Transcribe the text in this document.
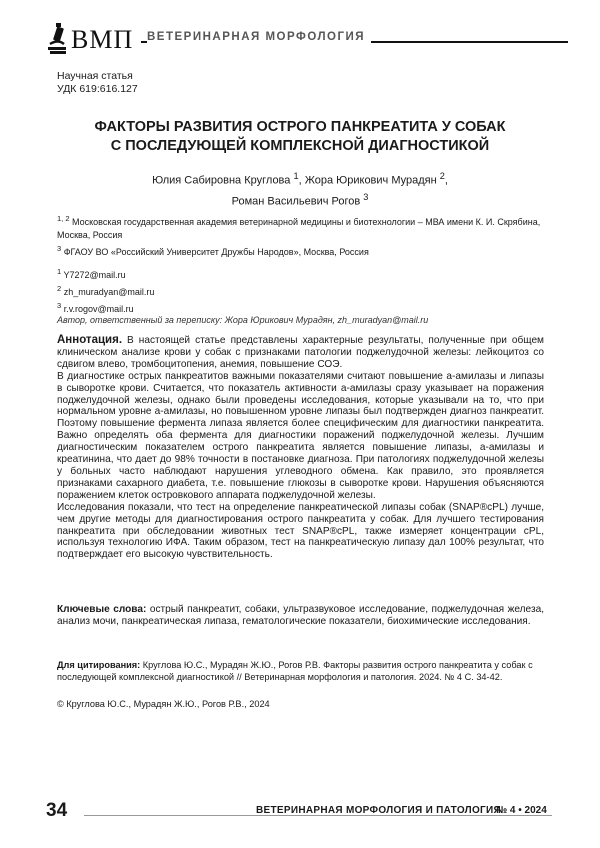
ВМП ВЕТЕРИНАРНАЯ МОРФОЛОГИЯ
Научная статья
УДК 619:616.127
ФАКТОРЫ РАЗВИТИЯ ОСТРОГО ПАНКРЕАТИТА У СОБАК
С ПОСЛЕДУЮЩЕЙ КОМПЛЕКСНОЙ ДИАГНОСТИКОЙ
Юлия Сабировна Круглова $^1$, Жора Юрикович Мурадян $^2$,
Роман Васильевич Рогов $^3$
$^{1, 2}$ Московская государственная академия ветеринарной медицины и биотехнологии – МВА имени К. И. Скрябина,
Москва, Россия
$^3$ ФГАОУ ВО «Российский Университет Дружбы Народов», Москва, Россия
$^1$ Y7272@mail.ru
$^2$ zh_muradyan@mail.ru
$^3$ r.v.rogov@mail.ru
Автор, ответственный за переписку: Жора Юрикович Мурадян, zh_muradyan@mail.ru

Аннотация. В настоящей статье представлены характерные результаты, полученные при общем клиническом анализе крови у собак с признаками патологии поджелудочной железы: лейкоцитоз со сдвигом влево, тромбоцитопения, анемия, повышение СОЭ.

В диагностике острых панкреатитов важными показателями считают повышение а-амилазы и липазы в сыворотке крови. Считается, что показатель активности а-амилазы сразу указывает на поражения поджелудочной железы, однако были проведены исследования, которые указывали на то, что при нормальном уровне а-амилазы, но повышенном уровне липазы был подтвержден диагноз панкреатит. Поэтому повышение фермента липаза является более специфическим для диагностики панкреатита. Важно определять оба фермента для диагностики поражений поджелудочной железы. Лучшим диагностическим показателем острого панкреатита является повышение липазы, а-амилазы и креатинина, что дает до 98% точности в постановке диагноза. При патологиях поджелудочной железы у больных часто наблюдают нарушения углеводного обмена. Как правило, это проявляется признаками сахарного диабета, т.е. повышение глюкозы в сыворотке крови. Нарушения объясняются поражением клеток островкового аппарата поджелудочной железы.

Исследования показали, что тест на определение панкреатической липазы собак (SNAP®cPL) лучше, чем другие методы для диагностирования острого панкреатита у собак. Для лучшего тестирования панкреатита при обследовании животных тест SNAP®cPL, также измеряет концентрации cPL, используя технологию ИФА. Таким образом, тест на панкреатическую липазу дал 100% результат, что подтверждает его высокую чувствительность.

Ключевые слова: острый панкреатит, собаки, ультразвуковое исследование, поджелудочная железа, анализ мочи, панкреатическая липаза, гематологические показатели, биохимические исследования.
Для цитирования: Круглова Ю.С., Мурадян Ж.Ю., Рогов Р.В. Факторы развития острого панкреатита у собак с последующей комплексной диагностикой // Ветеринарная морфология и патология. 2024. № 4 С. 34-42.
© Круглова Ю.С., Мурадян Ж.Ю., Рогов Р.В., 2024
34	ВЕТЕРИНАРНАЯ МОРФОЛОГИЯ И ПАТОЛОГИЯ
№ 4 • 2024
